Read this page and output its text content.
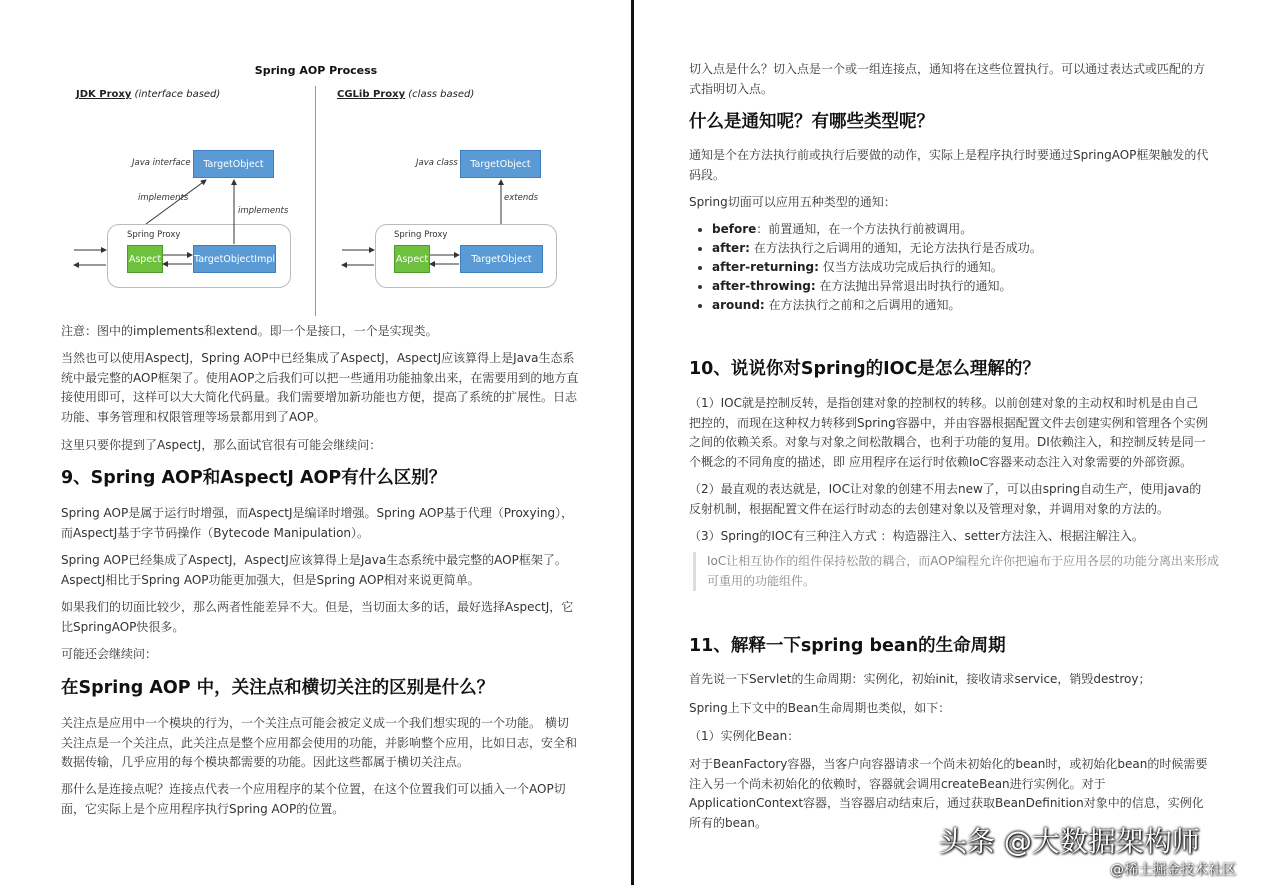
Spring AOP Process
JDK Proxy (interface based)	CGLib Proxy (class based)
Java interface	TargetObject
Spring Proxy
Aspect	TargetObjectImpl
implements
implements
Java class	TargetObject
Spring Proxy
Aspect	TargetObject
extends

注意：图中的implements和extend。即一个是接口，一个是实现类。

当然也可以使用AspectJ，Spring AOP中已经集成了AspectJ，AspectJ应该算得上是Java生态系统中最完整的AOP框架了。使用AOP之后我们可以把一些通用功能抽象出来，在需要用到的地方直接使用即可，这样可以大大简化代码量。我们需要增加新功能也方便，提高了系统的扩展性。日志功能、事务管理和权限管理等场景都用到了AOP。

这里只要你提到了AspectJ，那么面试官很有可能会继续问：

9、Spring AOP和AspectJ AOP有什么区别？

Spring AOP是属于运行时增强，而AspectJ是编译时增强。Spring AOP基于代理（Proxying），而AspectJ基于字节码操作（Bytecode Manipulation）。

Spring AOP已经集成了AspectJ，AspectJ应该算得上是Java生态系统中最完整的AOP框架了。AspectJ相比于Spring AOP功能更加强大，但是Spring AOP相对来说更简单。

如果我们的切面比较少，那么两者性能差异不大。但是，当切面太多的话，最好选择AspectJ，它比SpringAOP快很多。

可能还会继续问：

在Spring AOP 中，关注点和横切关注的区别是什么？

关注点是应用中一个模块的行为，一个关注点可能会被定义成一个我们想实现的一个功能。 横切关注点是一个关注点，此关注点是整个应用都会使用的功能，并影响整个应用，比如日志，安全和数据传输，几乎应用的每个模块都需要的功能。因此这些都属于横切关注点。

那什么是连接点呢？连接点代表一个应用程序的某个位置，在这个位置我们可以插入一个AOP切面，它实际上是个应用程序执行Spring AOP的位置。

切入点是什么？切入点是一个或一组连接点，通知将在这些位置执行。可以通过表达式或匹配的方式指明切入点。

什么是通知呢？有哪些类型呢？

通知是个在方法执行前或执行后要做的动作，实际上是程序执行时要通过SpringAOP框架触发的代码段。

Spring切面可以应用五种类型的通知：

• before：前置通知，在一个方法执行前被调用。
• after: 在方法执行之后调用的通知，无论方法执行是否成功。
• after-returning: 仅当方法成功完成后执行的通知。
• after-throwing: 在方法抛出异常退出时执行的通知。
• around: 在方法执行之前和之后调用的通知。
10、说说你对Spring的IOC是怎么理解的？

（1）IOC就是控制反转，是指创建对象的控制权的转移。以前创建对象的主动权和时机是由自己把控的，而现在这种权力转移到Spring容器中，并由容器根据配置文件去创建实例和管理各个实例之间的依赖关系。对象与对象之间松散耦合，也利于功能的复用。DI依赖注入，和控制反转是同一个概念的不同角度的描述，即 应用程序在运行时依赖IoC容器来动态注入对象需要的外部资源。

（2）最直观的表达就是，IOC让对象的创建不用去new了，可以由spring自动生产，使用java的反射机制，根据配置文件在运行时动态的去创建对象以及管理对象，并调用对象的方法的。

（3）Spring的IOC有三种注入方式 ：构造器注入、setter方法注入、根据注解注入。

IoC让相互协作的组件保持松散的耦合，而AOP编程允许你把遍布于应用各层的功能分离出来形成可重用的功能组件。
11、解释一下spring bean的生命周期

首先说一下Servlet的生命周期：实例化，初始init，接收请求service，销毁destroy；

Spring上下文中的Bean生命周期也类似，如下：

（1）实例化Bean：

对于BeanFactory容器，当客户向容器请求一个尚未初始化的bean时，或初始化bean的时候需要注入另一个尚未初始化的依赖时，容器就会调用createBean进行实例化。对于ApplicationContext容器，当容器启动结束后，通过获取BeanDefinition对象中的信息，实例化所有的bean。

头条 @大数据架构师
@稀土掘金技术社区
